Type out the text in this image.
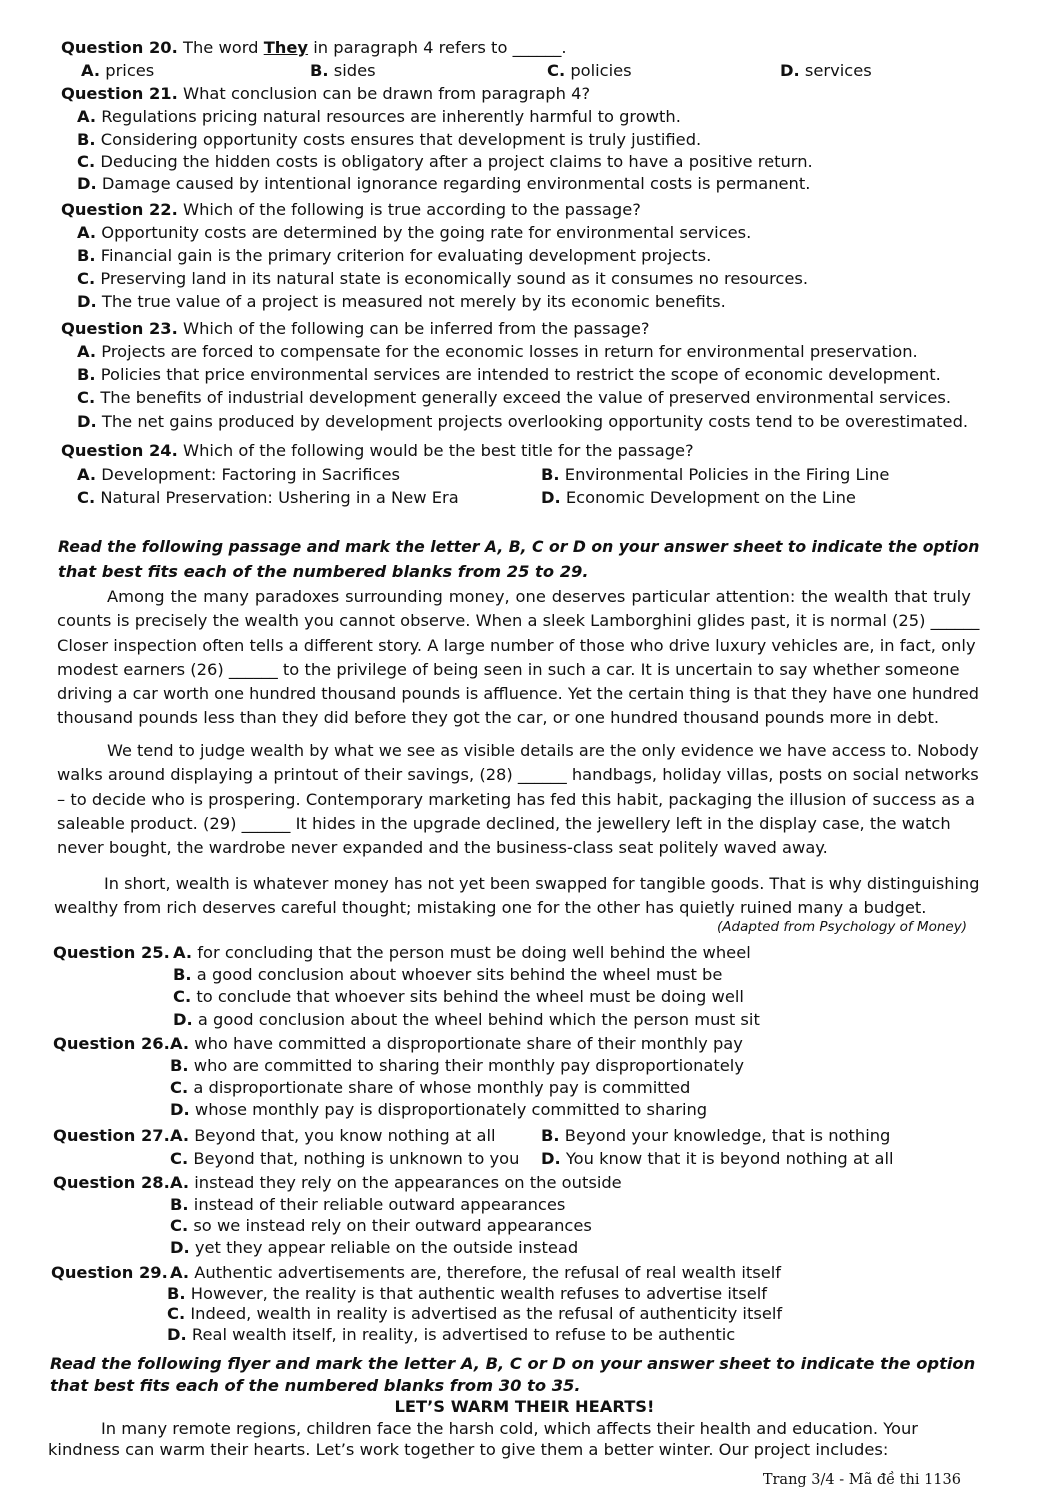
Question 20. The word They in paragraph 4 refers to ______.
A. prices	B. sides	C. policies	D. services
Question 21. What conclusion can be drawn from paragraph 4?
A. Regulations pricing natural resources are inherently harmful to growth.
B. Considering opportunity costs ensures that development is truly justified.
C. Deducing the hidden costs is obligatory after a project claims to have a positive return.
D. Damage caused by intentional ignorance regarding environmental costs is permanent.
Question 22. Which of the following is true according to the passage?
A. Opportunity costs are determined by the going rate for environmental services.
B. Financial gain is the primary criterion for evaluating development projects.
C. Preserving land in its natural state is economically sound as it consumes no resources.
D. The true value of a project is measured not merely by its economic benefits.
Question 23. Which of the following can be inferred from the passage?
A. Projects are forced to compensate for the economic losses in return for environmental preservation.
B. Policies that price environmental services are intended to restrict the scope of economic development.
C. The benefits of industrial development generally exceed the value of preserved environmental services.
D. The net gains produced by development projects overlooking opportunity costs tend to be overestimated.
Question 24. Which of the following would be the best title for the passage?
A. Development: Factoring in Sacrifices	B. Environmental Policies in the Firing Line
C. Natural Preservation: Ushering in a New Era	D. Economic Development on the Line
Read the following passage and mark the letter A, B, C or D on your answer sheet to indicate the option
that best fits each of the numbered blanks from 25 to 29.
Among the many paradoxes surrounding money, one deserves particular attention: the wealth that truly
counts is precisely the wealth you cannot observe. When a sleek Lamborghini glides past, it is normal (25) ______
Closer inspection often tells a different story. A large number of those who drive luxury vehicles are, in fact, only
modest earners (26) ______ to the privilege of being seen in such a car. It is uncertain to say whether someone
driving a car worth one hundred thousand pounds is affluence. Yet the certain thing is that they have one hundred
thousand pounds less than they did before they got the car, or one hundred thousand pounds more in debt.
We tend to judge wealth by what we see as visible details are the only evidence we have access to. Nobody
walks around displaying a printout of their savings, (28) ______ handbags, holiday villas, posts on social networks
– to decide who is prospering. Contemporary marketing has fed this habit, packaging the illusion of success as a
saleable product. (29) ______ It hides in the upgrade declined, the jewellery left in the display case, the watch
never bought, the wardrobe never expanded and the business-class seat politely waved away.
In short, wealth is whatever money has not yet been swapped for tangible goods. That is why distinguishing
wealthy from rich deserves careful thought; mistaking one for the other has quietly ruined many a budget.
(Adapted from Psychology of Money)
Question 25. A. for concluding that the person must be doing well behind the wheel
B. a good conclusion about whoever sits behind the wheel must be
C. to conclude that whoever sits behind the wheel must be doing well
D. a good conclusion about the wheel behind which the person must sit
Question 26. A. who have committed a disproportionate share of their monthly pay
B. who are committed to sharing their monthly pay disproportionately
C. a disproportionate share of whose monthly pay is committed
D. whose monthly pay is disproportionately committed to sharing
Question 27. A. Beyond that, you know nothing at all	B. Beyond your knowledge, that is nothing
C. Beyond that, nothing is unknown to you D. You know that it is beyond nothing at all
Question 28. A. instead they rely on the appearances on the outside
B. instead of their reliable outward appearances
C. so we instead rely on their outward appearances
D. yet they appear reliable on the outside instead
Question 29. A. Authentic advertisements are, therefore, the refusal of real wealth itself
B. However, the reality is that authentic wealth refuses to advertise itself
C. Indeed, wealth in reality is advertised as the refusal of authenticity itself
D. Real wealth itself, in reality, is advertised to refuse to be authentic
Read the following flyer and mark the letter A, B, C or D on your answer sheet to indicate the option
that best fits each of the numbered blanks from 30 to 35.
LET’S WARM THEIR HEARTS!
In many remote regions, children face the harsh cold, which affects their health and education. Your
kindness can warm their hearts. Let’s work together to give them a better winter. Our project includes:
Trang 3/4 - Mã đề thi 1136
